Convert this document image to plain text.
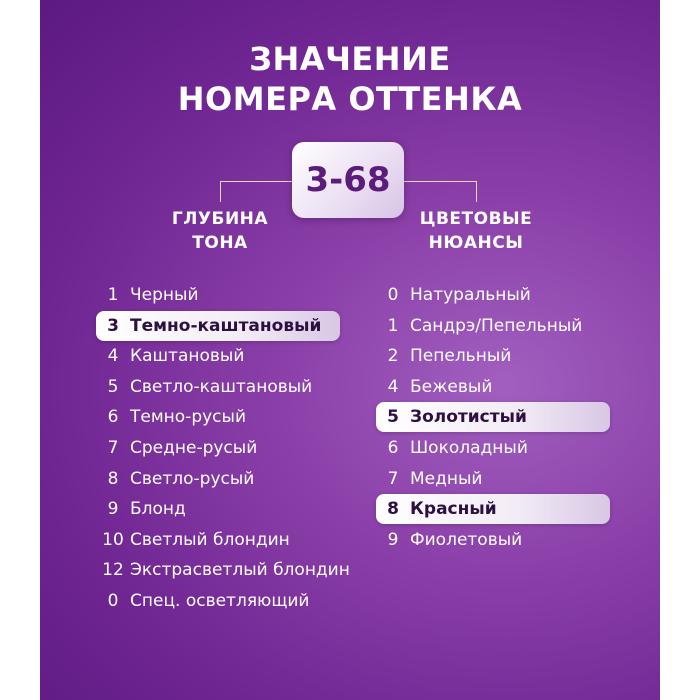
ЗНАЧЕНИЕ
НОМЕРА ОТТЕНКА
3-68
ГЛУБИНА
ТОНА
ЦВЕТОВЫЕ
НЮАНСЫ
1 Черный
3 Темно-каштановый
4 Каштановый
5 Светло-каштановый
6 Темно-русый
7 Средне-русый
8 Светло-русый
9 Блонд
10 Светлый блондин
12 Экстрасветлый блондин
0 Спец. осветляющий
0 Натуральный
1 Сандрэ/Пепельный
2 Пепельный
4 Бежевый
5 Золотистый
6 Шоколадный
7 Медный
8 Красный
9 Фиолетовый
